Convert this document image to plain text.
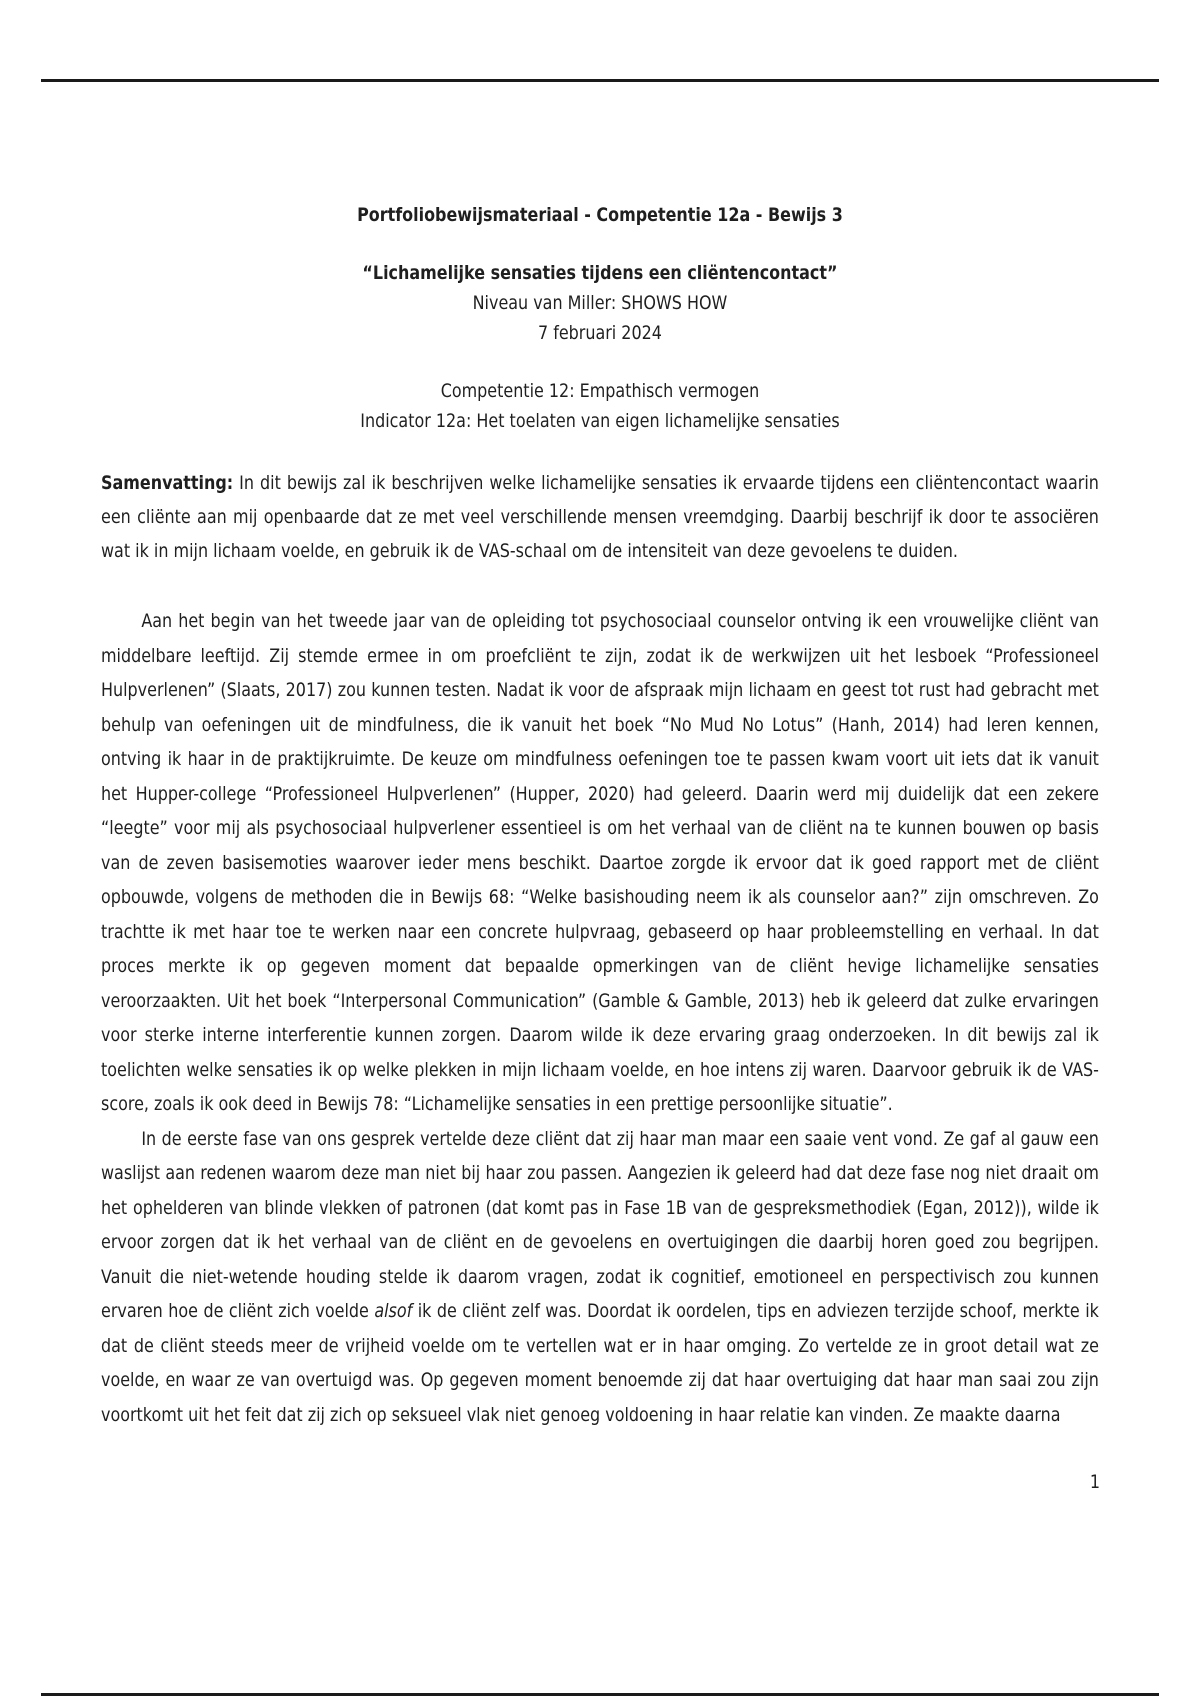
Portfoliobewijsmateriaal - Competentie 12a - Bewijs 3
“Lichamelijke sensaties tijdens een cliëntencontact”
Niveau van Miller: SHOWS HOW
7 februari 2024
Competentie 12: Empathisch vermogen
Indicator 12a: Het toelaten van eigen lichamelijke sensaties

Samenvatting: In dit bewijs zal ik beschrijven welke lichamelijke sensaties ik ervaarde tijdens een cliëntencontact waarin een cliënte aan mij openbaarde dat ze met veel verschillende mensen vreemdging. Daarbij beschrijf ik door te associëren wat ik in mijn lichaam voelde, en gebruik ik de VAS-schaal om de intensiteit van deze gevoelens te duiden.

Aan het begin van het tweede jaar van de opleiding tot psychosociaal counselor ontving ik een vrouwelijke cliënt van middelbare leeftijd. Zij stemde ermee in om proefcliënt te zijn, zodat ik de werkwijzen uit het lesboek “Professioneel Hulpverlenen” (Slaats, 2017) zou kunnen testen. Nadat ik voor de afspraak mijn lichaam en geest tot rust had gebracht met behulp van oefeningen uit de mindfulness, die ik vanuit het boek “No Mud No Lotus” (Hanh, 2014) had leren kennen, ontving ik haar in de praktijkruimte. De keuze om mindfulness oefeningen toe te passen kwam voort uit iets dat ik vanuit het Hupper-college “Professioneel Hulpverlenen” (Hupper, 2020) had geleerd. Daarin werd mij duidelijk dat een zekere “leegte” voor mij als psychosociaal hulpverlener essentieel is om het verhaal van de cliënt na te kunnen bouwen op basis van de zeven basisemoties waarover ieder mens beschikt. Daartoe zorgde ik ervoor dat ik goed rapport met de cliënt opbouwde, volgens de methoden die in Bewijs 68: “Welke basishouding neem ik als counselor aan?” zijn omschreven. Zo trachtte ik met haar toe te werken naar een concrete hulpvraag, gebaseerd op haar probleemstelling en verhaal. In dat proces merkte ik op gegeven moment dat bepaalde opmerkingen van de cliënt hevige lichamelijke sensaties veroorzaakten. Uit het boek “Interpersonal Communication” (Gamble & Gamble, 2013) heb ik geleerd dat zulke ervaringen voor sterke interne interferentie kunnen zorgen. Daarom wilde ik deze ervaring graag onderzoeken. In dit bewijs zal ik toelichten welke sensaties ik op welke plekken in mijn lichaam voelde, en hoe intens zij waren. Daarvoor gebruik ik de VAS-score, zoals ik ook deed in Bewijs 78: “Lichamelijke sensaties in een prettige persoonlijke situatie”.

In de eerste fase van ons gesprek vertelde deze cliënt dat zij haar man maar een saaie vent vond. Ze gaf al gauw een waslijst aan redenen waarom deze man niet bij haar zou passen. Aangezien ik geleerd had dat deze fase nog niet draait om het ophelderen van blinde vlekken of patronen (dat komt pas in Fase 1B van de gespreksmethodiek (Egan, 2012)), wilde ik ervoor zorgen dat ik het verhaal van de cliënt en de gevoelens en overtuigingen die daarbij horen goed zou begrijpen. Vanuit die niet-wetende houding stelde ik daarom vragen, zodat ik cognitief, emotioneel en perspectivisch zou kunnen ervaren hoe de cliënt zich voelde alsof ik de cliënt zelf was. Doordat ik oordelen, tips en adviezen terzijde schoof, merkte ik dat de cliënt steeds meer de vrijheid voelde om te vertellen wat er in haar omging. Zo vertelde ze in groot detail wat ze voelde, en waar ze van overtuigd was. Op gegeven moment benoemde zij dat haar overtuiging dat haar man saai zou zijn voortkomt uit het feit dat zij zich op seksueel vlak niet genoeg voldoening in haar relatie kan vinden. Ze maakte daarna

1
